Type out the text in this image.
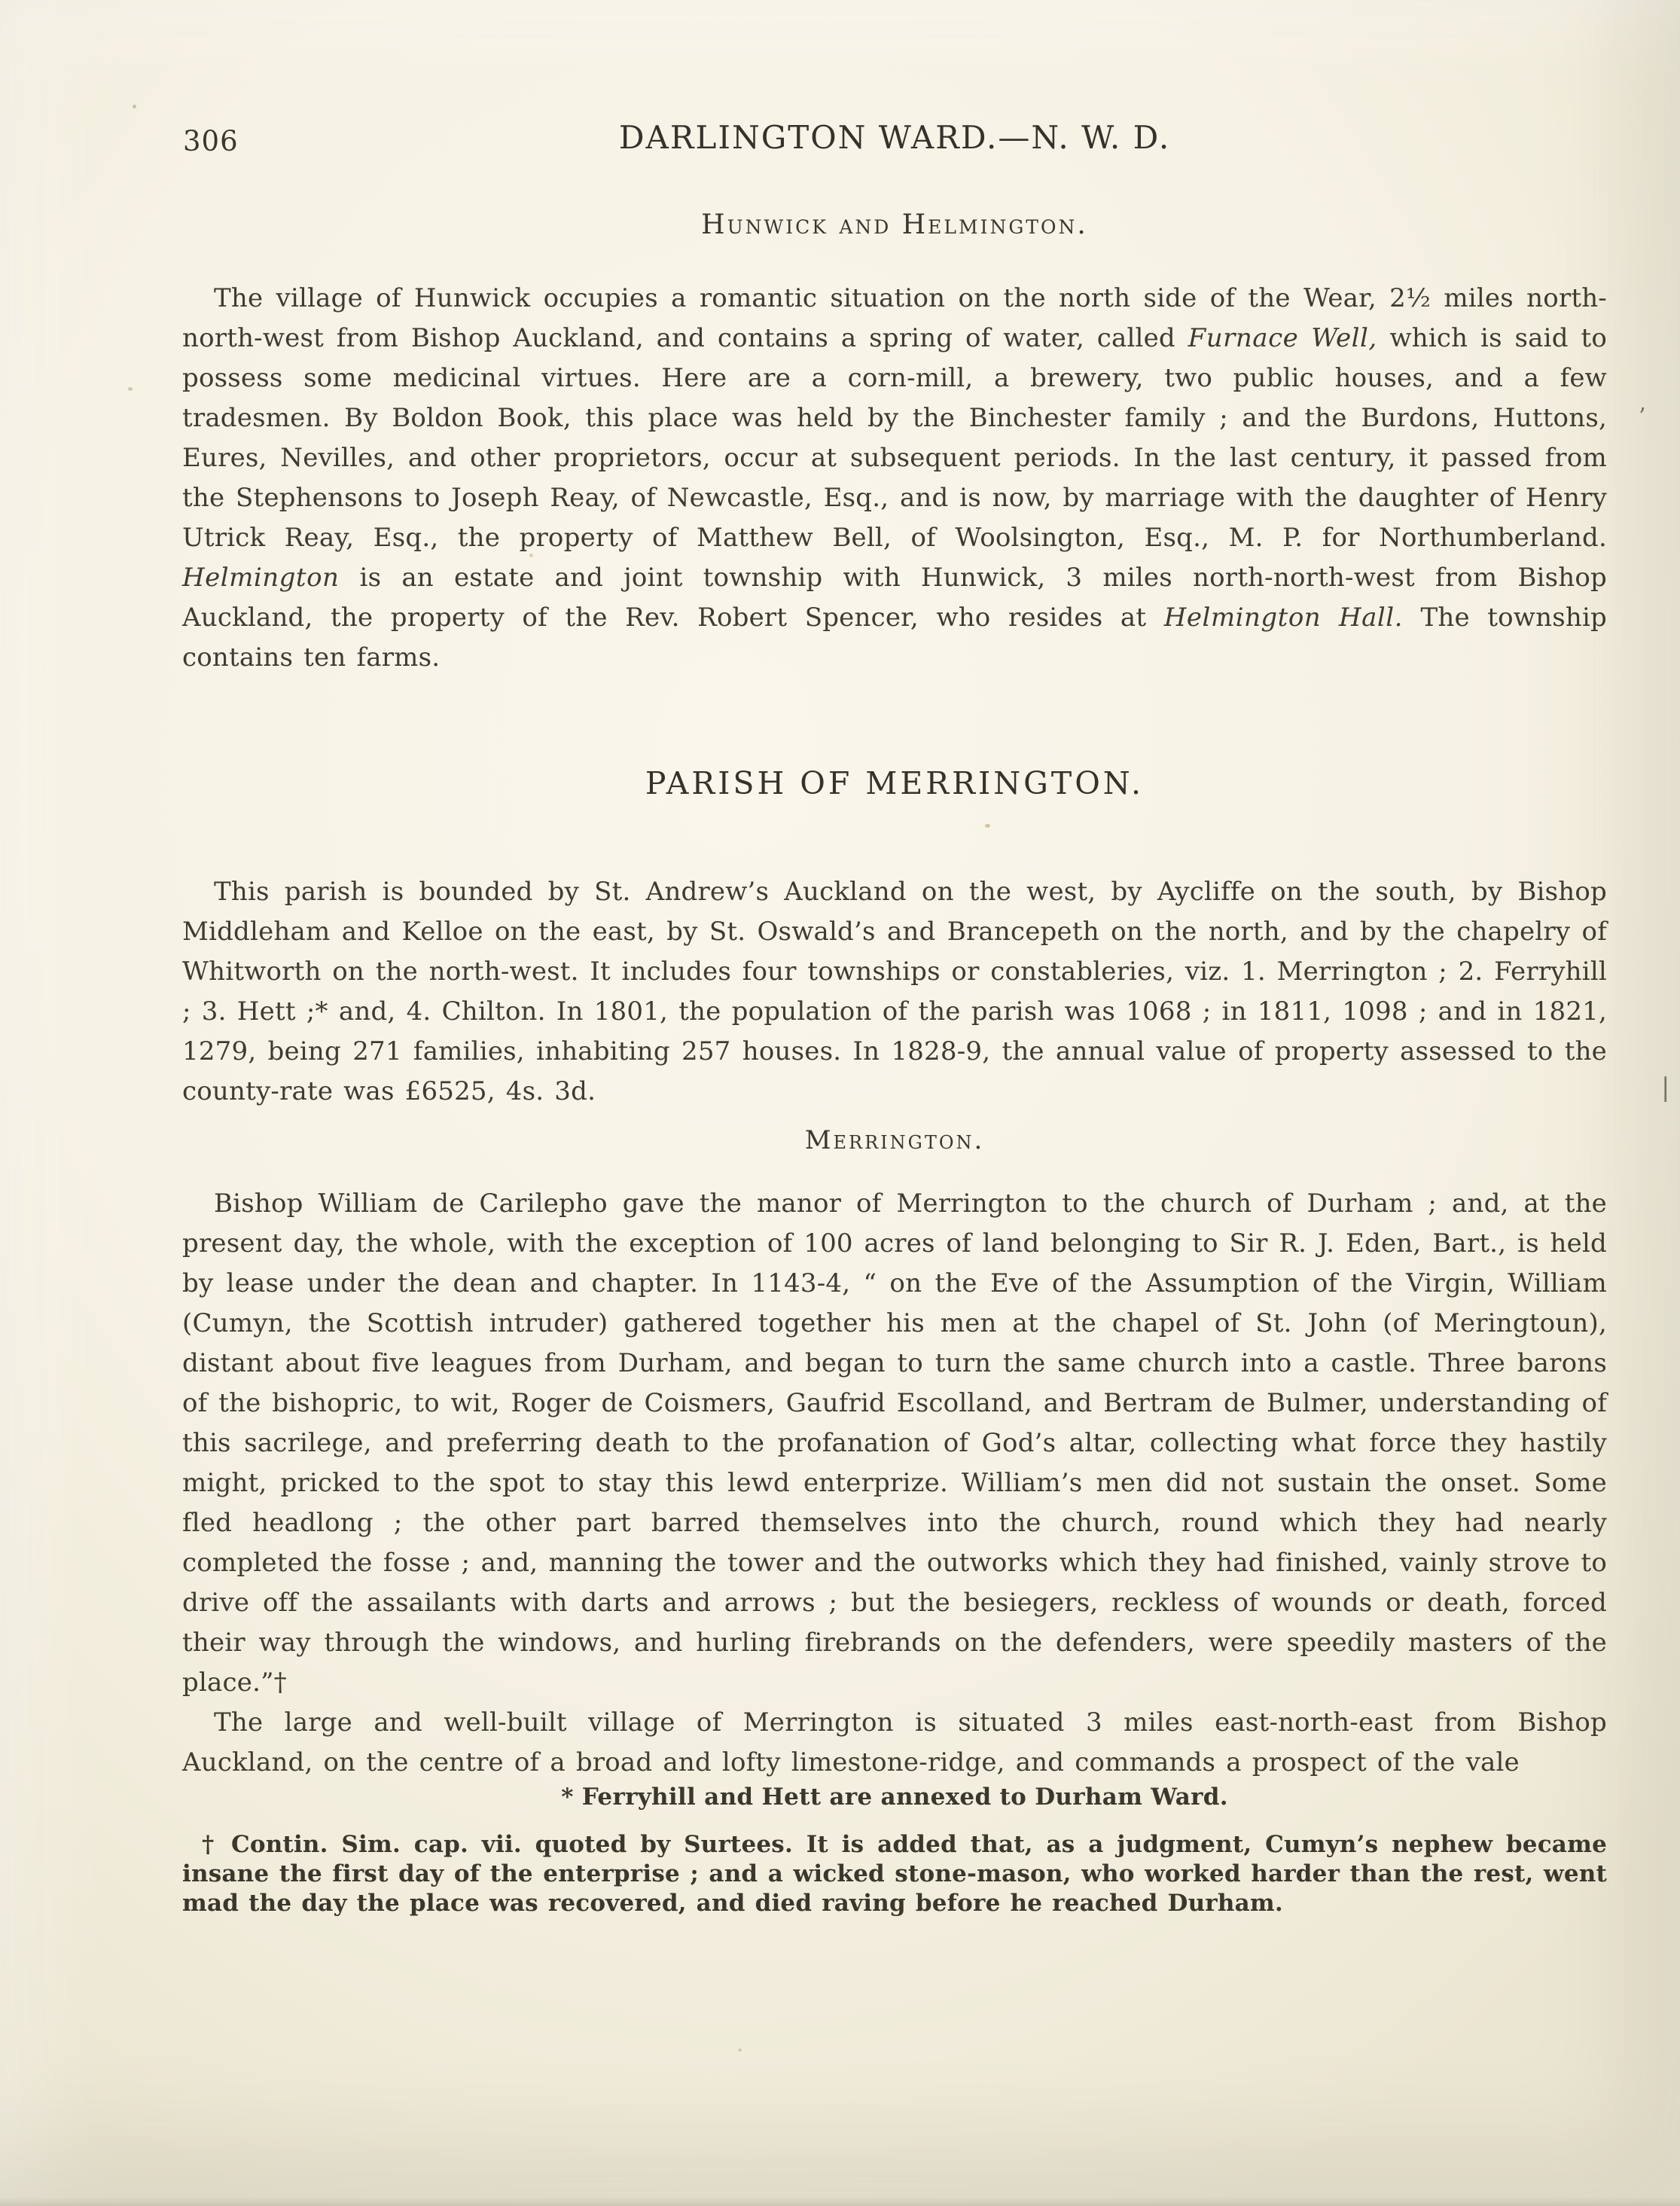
306	DARLINGTON WARD.—N. W. D.
Hunwick and Helmington.

The village of Hunwick occupies a romantic situation on the north side of the Wear, 2½ miles north-north-west from Bishop Auckland, and contains a spring of water, called Furnace Well, which is said to possess some medicinal virtues. Here are a corn-mill, a brewery, two public houses, and a few tradesmen. By Boldon Book, this place was held by the Binchester family ; and the Burdons, Huttons, Eures, Nevilles, and other proprietors, occur at subsequent periods. In the last century, it passed from the Stephensons to Joseph Reay, of Newcastle, Esq., and is now, by marriage with the daughter of Henry Utrick Reay, Esq., the property of Matthew Bell, of Woolsington, Esq., M. P. for Northumberland. Helmington is an estate and joint township with Hunwick, 3 miles north-north-west from Bishop Auckland, the property of the Rev. Robert Spencer, who resides at Helmington Hall. The township contains ten farms.

PARISH OF MERRINGTON.

This parish is bounded by St. Andrew’s Auckland on the west, by Aycliffe on the south, by Bishop Middleham and Kelloe on the east, by St. Oswald’s and Brancepeth on the north, and by the chapelry of Whitworth on the north-west. It includes four townships or constableries, viz. 1. Merrington ; 2. Ferryhill ; 3. Hett ;* and, 4. Chilton. In 1801, the population of the parish was 1068 ; in 1811, 1098 ; and in 1821, 1279, being 271 families, inhabiting 257 houses. In 1828-9, the annual value of property assessed to the county-rate was £6525, 4s. 3d.

Merrington.

Bishop William de Carilepho gave the manor of Merrington to the church of Durham ; and, at the present day, the whole, with the exception of 100 acres of land belonging to Sir R. J. Eden, Bart., is held by lease under the dean and chapter. In 1143-4, “ on the Eve of the Assumption of the Virgin, William (Cumyn, the Scottish intruder) gathered together his men at the chapel of St. John (of Meringtoun), distant about five leagues from Durham, and began to turn the same church into a castle. Three barons of the bishopric, to wit, Roger de Coismers, Gaufrid Escolland, and Bertram de Bulmer, understanding of this sacrilege, and preferring death to the profanation of God’s altar, collecting what force they hastily might, pricked to the spot to stay this lewd enterprize. William’s men did not sustain the onset. Some fled headlong ; the other part barred themselves into the church, round which they had nearly completed the fosse ; and, manning the tower and the outworks which they had finished, vainly strove to drive off the assailants with darts and arrows ; but the besiegers, reckless of wounds or death, forced their way through the windows, and hurling firebrands on the defenders, were speedily masters of the place.”†

The large and well-built village of Merrington is situated 3 miles east-north-east from Bishop Auckland, on the centre of a broad and lofty limestone-ridge, and commands a prospect of the vale

* Ferryhill and Hett are annexed to Durham Ward.

† Contin. Sim. cap. vii. quoted by Surtees. It is added that, as a judgment, Cumyn’s nephew became insane the first day of the enterprise ; and a wicked stone-mason, who worked harder than the rest, went mad the day the place was recovered, and died raving before he reached Durham.

’
|
